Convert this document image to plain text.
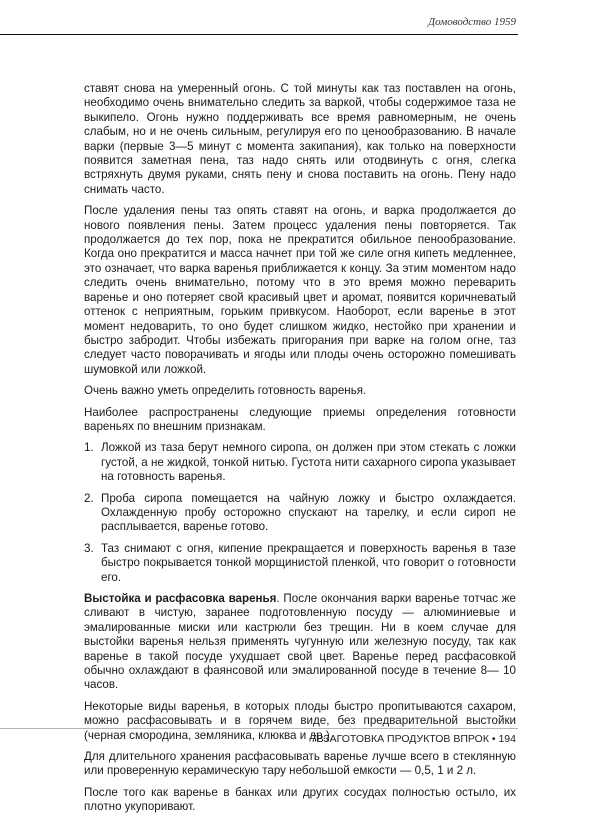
Домоводство 1959

ставят снова на умеренный огонь. С той минуты как таз поставлен на огонь, необходимо очень внимательно следить за варкой, чтобы содержимое таза не выкипело. Огонь нужно поддерживать все время равномерным, не очень слабым, но и не очень сильным, регулируя его по ценообразованию. В начале варки (первые 3—5 минут с момента закипания), как только на поверхности появится заметная пена, таз надо снять или отодвинуть с огня, слегка встряхнуть двумя руками, снять пену и снова поставить на огонь. Пену надо снимать часто.

После удаления пены таз опять ставят на огонь, и варка продолжается до нового появления пены. Затем процесс удаления пены повторяется. Так продолжается до тех пор, пока не прекратится обильное пенообразование. Когда оно прекратится и масса начнет при той же силе огня кипеть медленнее, это означает, что варка варенья приближается к концу. За этим моментом надо следить очень внимательно, потому что в это время можно переварить варенье и оно потеряет свой красивый цвет и аромат, появится коричневатый оттенок с неприятным, горьким привкусом. Наоборот, если варенье в этот момент недоварить, то оно будет слишком жидко, нестойко при хранении и быстро забродит. Чтобы избежать пригорания при варке на голом огне, таз следует часто поворачивать и ягоды или плоды очень осторожно помешивать шумовкой или ложкой.

Очень важно уметь определить готовность варенья.

Наиболее распространены следующие приемы определения готовности вареньях по внешним признакам.

1. Ложкой из таза берут немного сиропа, он должен при этом стекать с ложки густой, а не жидкой, тонкой нитью. Густота нити сахарного сиропа указывает на готовность варенья.
2. Проба сиропа помещается на чайную ложку и быстро охлаждается. Охлажденную пробу осторожно спускают на тарелку, и если сироп не расплывается, варенье готово.
3. Таз снимают с огня, кипение прекращается и поверхность варенья в тазе быстро покрывается тонкой морщинистой пленкой, что говорит о готовности его.

Выстойка и расфасовка варенья. После окончания варки варенье тотчас же сливают в чистую, заранее подготовленную посуду — алюминиевые и эмалированные миски или кастрюли без трещин. Ни в коем случае для выстойки варенья нельзя применять чугунную или железную посуду, так как варенье в такой посуде ухудшает свой цвет. Варенье перед расфасовкой обычно охлаждают в фаянсовой или эмалированной посуде в течение 8— 10 часов.

Некоторые виды варенья, в которых плоды быстро пропитываются сахаром, можно расфасовывать и в горячем виде, без предварительной выстойки (черная смородина, земляника, клюква и др.).

Для длительного хранения расфасовывать варенье лучше всего в стеклянную или проверенную керамическую тару небольшой емкости — 0,5, 1 и 2 л.

После того как варенье в банках или других сосудах полностью остыло, их плотно укупоривают.

7ВЗАГОТОВКА ПРОДУКТОВ ВПРОК • 194
